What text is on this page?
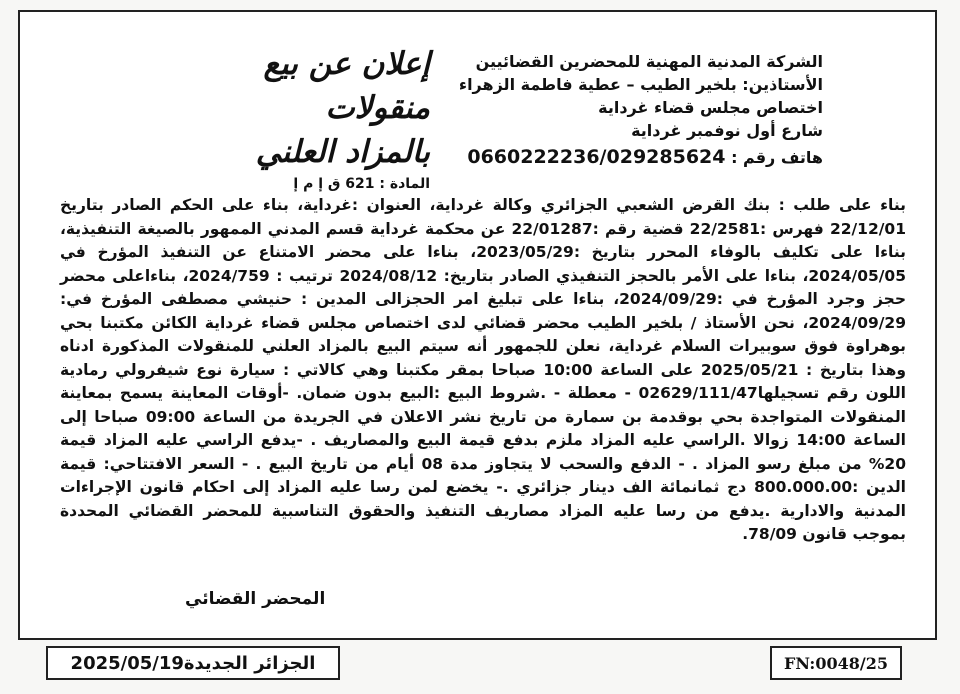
إعلان عن بيع منقولات
بالمزاد العلني
المادة : 621 ق إ م إ
الشركة المدنية المهنية للمحضرين القضائيين
الأستاذين: بلخير الطيب – عطية فاطمة الزهراء
اختصاص مجلس قضاء غرداية
شارع أول نوفمبر غرداية
هاتف رقم : 0660222236/029285624

بناء على طلب : بنك القرض الشعبي الجزائري وكالة غرداية، العنوان :غرداية، بناء على الحكم الصادر بتاريخ 22/12/01 فهرس :22/2581 قضية رقم :22/01287 عن محكمة غرداية قسم المدني الممهور بالصيغة التنفيذية، بناءا على تكليف بالوفاء المحرر بتاريخ :2023/05/29، بناءا على محضر الامتناع عن التنفيذ المؤرخ في 2024/05/05، بناءا على الأمر بالحجز التنفيذي الصادر بتاريخ: 2024/08/12 ترتيب : 2024/759، بناءاعلى محضر حجز وجرد المؤرخ في :2024/09/29، بناءا على تبليغ امر الحجزالى المدين : حنيشي مصطفى المؤرخ في: 2024/09/29، نحن الأستاذ / بلخير الطيب محضر قضائي لدى اختصاص مجلس قضاء غرداية الكائن مكتبنا بحي بوهراوة فوق سوبيرات السلام غرداية، نعلن للجمهور أنه سيتم البيع بالمزاد العلني للمنقولات المذكورة ادناه وهذا بتاريخ : 2025/05/21 على الساعة 10:00 صباحا بمقر مكتبنا وهي كالاتي : سيارة نوع شيفرولي رمادية اللون رقم تسجيلها02629/111/47 - معطلة - .شروط البيع :البيع بدون ضمان. -أوقات المعاينة يسمح بمعاينة المنقولات المتواجدة بحي بوقدمة بن سمارة من تاريخ نشر الاعلان في الجريدة من الساعة 09:00 صباحا إلى الساعة 14:00 زوالا .الراسي عليه المزاد ملزم بدفع قيمة البيع والمصاريف . -يدفع الراسي عليه المزاد قيمة 20% من مبلغ رسو المزاد . - الدفع والسحب لا يتجاوز مدة 08 أيام من تاريخ البيع . - السعر الافتتاحي: قيمة الدين :800.000.00 دج ثمانمائة الف دينار جزائري .- يخضع لمن رسا عليه المزاد إلى احكام قانون الإجراءات المدنية والادارية .يدفع من رسا عليه المزاد مصاريف التنفيذ والحقوق التناسبية للمحضر القضائي المحددة بموجب قانون 78/09.

المحضر القضائي
الجزائر الجديدة2025/05/19	FN:0048/25
